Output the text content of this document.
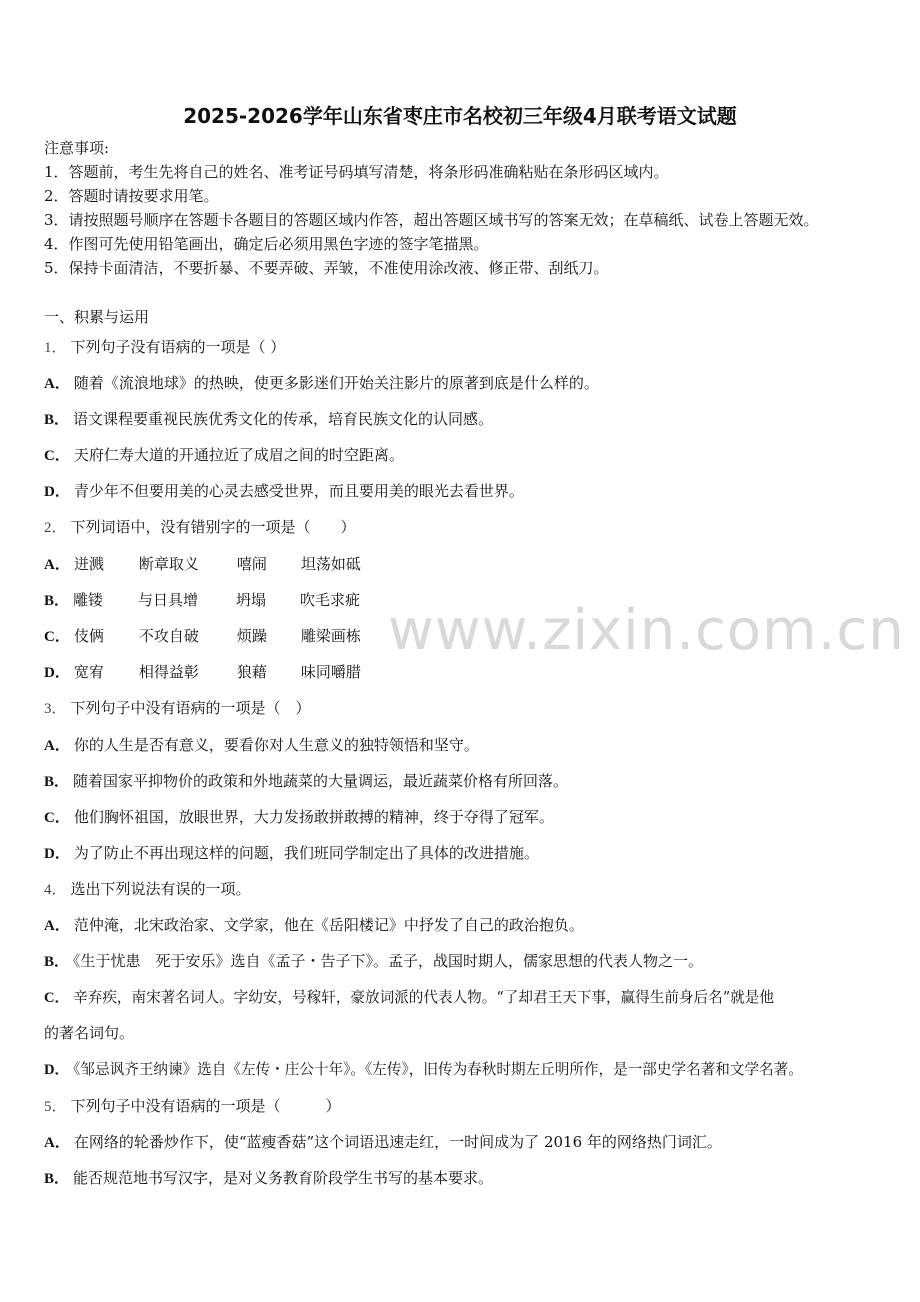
www.zixin.com.cn
2025-2026学年山东省枣庄市名校初三年级4月联考语文试题
注意事项:
1．答题前，考生先将自己的姓名、准考证号码填写清楚，将条形码准确粘贴在条形码区域内。
2．答题时请按要求用笔。
3．请按照题号顺序在答题卡各题目的答题区域内作答，超出答题区域书写的答案无效；在草稿纸、试卷上答题无效。
4．作图可先使用铅笔画出，确定后必须用黑色字迹的签字笔描黑。
5．保持卡面清洁，不要折暴、不要弄破、弄皱，不准使用涂改液、修正带、刮纸刀。
一、积累与运用
1． 下列句子没有语病的一项是（ ）
A． 随着《流浪地球》的热映，使更多影迷们开始关注影片的原著到底是什么样的。
B． 语文课程要重视民族优秀文化的传承，培育民族文化的认同感。
C． 天府仁寿大道的开通拉近了成眉之间的时空距离。
D． 青少年不但要用美的心灵去感受世界，而且要用美的眼光去看世界。
2． 下列词语中，没有错别字的一项是（　　）
A． 迸溅 断章取义	嘻闹 坦荡如砥
B． 雕镂 与日具增	坍塌 吹毛求疵
C． 伎俩 不攻自破	烦躁 雕梁画栋
D． 宽宥 相得益彰	狼藉 味同嚼腊
3． 下列句子中没有语病的一项是（　）
A． 你的人生是否有意义，要看你对人生意义的独特领悟和坚守。
B． 随着国家平抑物价的政策和外地蔬菜的大量调运，最近蔬菜价格有所回落。
C． 他们胸怀祖国，放眼世界，大力发扬敢拼敢搏的精神，终于夺得了冠军。
D． 为了防止不再出现这样的问题，我们班同学制定出了具体的改进措施。
4． 选出下列说法有误的一项。
A． 范仲淹，北宋政治家、文学家，他在《岳阳楼记》中抒发了自己的政治抱负。
B． 《生于忧患　死于安乐》选自《孟子・告子下》。孟子，战国时期人，儒家思想的代表人物之一。
C． 辛弃疾，南宋著名词人。字幼安，号稼轩，豪放词派的代表人物。“了却君王天下事，赢得生前身后名”就是他
的著名词句。
D． 《邹忌讽齐王纳谏》选自《左传・庄公十年》。《左传》，旧传为春秋时期左丘明所作，是一部史学名著和文学名著。
5． 下列句子中没有语病的一项是（　　　）
A． 在网络的轮番炒作下，使“蓝瘦香菇”这个词语迅速走红，一时间成为了 2016 年的网络热门词汇。
B． 能否规范地书写汉字，是对义务教育阶段学生书写的基本要求。
